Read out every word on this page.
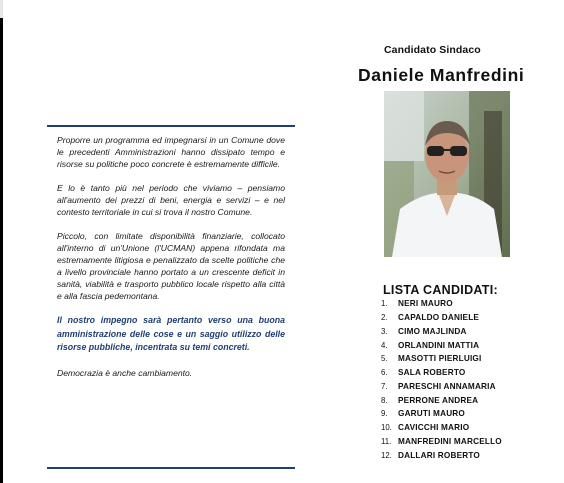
Proporre un programma ed impegnarsi in un Comune dove le precedenti Amministrazioni hanno dissipato tempo e risorse su politiche poco concrete è estremamente difficile.

E lo è tanto più nel periodo che viviamo – pensiamo all'aumento dei prezzi di beni, energia e servizi – e nel contesto territoriale in cui si trova il nostro Comune.

Piccolo, con limitate disponibilità finanziarie, collocato all'interno di un'Unione (l'UCMAN) appena rifondata ma estremamente litigiosa e penalizzato da scelte politiche che a livello provinciale hanno portato a un crescente deficit in sanità, viabilità e trasporto pubblico locale rispetto alla città e alla fascia pedemontana.

Il nostro impegno sarà pertanto verso una buona amministrazione delle cose e un saggio utilizzo delle risorse pubbliche, incentrata su temi concreti.

Democrazia è anche cambiamento.

Candidato Sindaco
Daniele Manfredini
LISTA CANDIDATI:
1.	NERI MAURO
2.	CAPALDO DANIELE
3.	CIMO MAJLINDA
4.	ORLANDINI MATTIA
5.	MASOTTI PIERLUIGI
6.	SALA ROBERTO
7.	PARESCHI ANNAMARIA
8.	PERRONE ANDREA
9.	GARUTI MAURO
10. CAVICCHI MARIO
11. MANFREDINI MARCELLO
12. DALLARI ROBERTO
